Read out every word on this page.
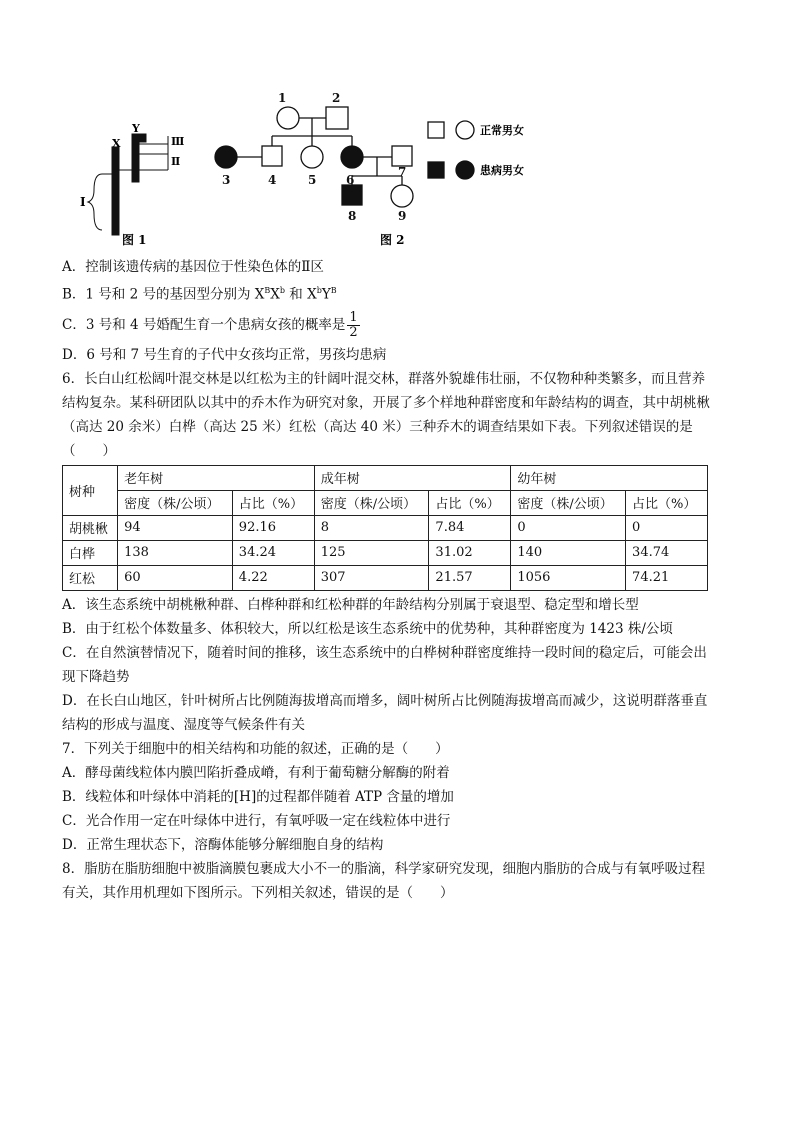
X
Y
Ⅲ
Ⅱ
Ⅰ
图 1
1	2
3	4	5 6
7
8	9
图 2
正常男女
患病男女
A．控制该遗传病的基因位于性染色体的Ⅱ区
B．1 号和 2 号的基因型分别为 $X^BX^b$ 和 $X^bY^B$
C．3 号和 4 号婚配生育一个患病女孩的概率是 $\frac{1}{2}$
D．6 号和 7 号生育的子代中女孩均正常，男孩均患病
6．长白山红松阔叶混交林是以红松为主的针阔叶混交林，群落外貌雄伟壮丽，不仅物种种类繁多，而且营养
结构复杂。某科研团队以其中的乔木作为研究对象，开展了多个样地种群密度和年龄结构的调查，其中胡桃楸
（高达 20 余米）白桦（高达 25 米）红松（高达 40 米）三种乔木的调查结果如下表。下列叙述错误的是
（　　）
树种	老年树		成年树		幼年树	
	密度（株/公顷）	占比（%）	密度（株/公顷）	占比（%）	密度（株/公顷）	占比（%）
胡桃楸	94	92.16	8	7.84	0	0
白桦	138	34.24	125	31.02	140	34.74
红松	60	4.22	307	21.57	1056	74.21
A．该生态系统中胡桃楸种群、白桦种群和红松种群的年龄结构分别属于衰退型、稳定型和增长型
B．由于红松个体数量多、体积较大，所以红松是该生态系统中的优势种，其种群密度为 1423 株/公顷
C．在自然演替情况下，随着时间的推移，该生态系统中的白桦树种群密度维持一段时间的稳定后，可能会出
现下降趋势
D．在长白山地区，针叶树所占比例随海拔增高而增多，阔叶树所占比例随海拔增高而减少，这说明群落垂直
结构的形成与温度、湿度等气候条件有关
7．下列关于细胞中的相关结构和功能的叙述，正确的是（　　）
A．酵母菌线粒体内膜凹陷折叠成嵴，有利于葡萄糖分解酶的附着
B．线粒体和叶绿体中消耗的[H]的过程都伴随着 ATP 含量的增加
C．光合作用一定在叶绿体中进行，有氧呼吸一定在线粒体中进行
D．正常生理状态下，溶酶体能够分解细胞自身的结构
8．脂肪在脂肪细胞中被脂滴膜包裹成大小不一的脂滴，科学家研究发现，细胞内脂肪的合成与有氧呼吸过程
有关，其作用机理如下图所示。下列相关叙述，错误的是（　　）
